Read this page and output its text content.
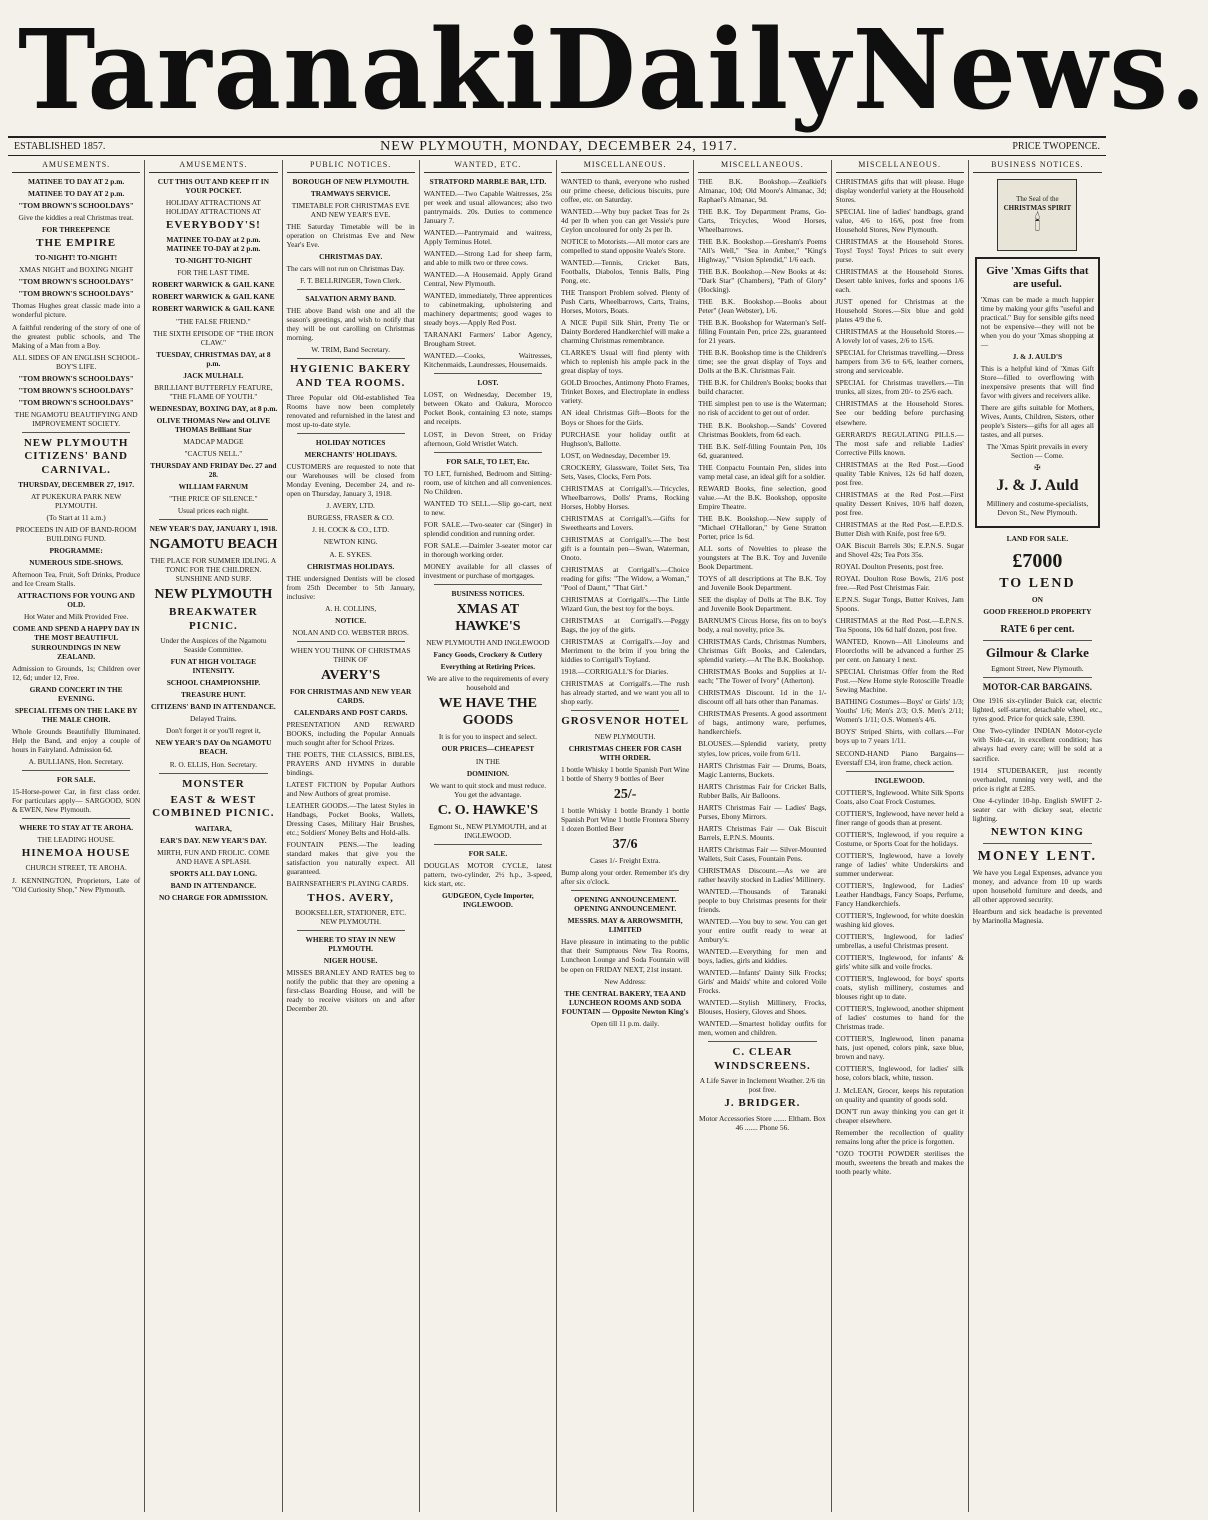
Taranaki Daily News.
ESTABLISHED 1857.	NEW PLYMOUTH, MONDAY, DECEMBER 24, 1917.	PRICE TWOPENCE.
AMUSEMENTS.

MATINEE TO DAY AT 2 p.m.

MATINEE TO DAY AT 2 p.m.

"TOM BROWN'S SCHOOLDAYS"

Give the kiddies a real Christmas treat.

FOR THREEPENCE

THE EMPIRE

TO-NIGHT! TO-NIGHT!

XMAS NIGHT and BOXING NIGHT

"TOM BROWN'S SCHOOLDAYS"

"TOM BROWN'S SCHOOLDAYS"

Thomas Hughes great classic made into a wonderful picture.

A faithful rendering of the story of one of the greatest public schools, and The Making of a Man from a Boy.

ALL SIDES OF AN ENGLISH SCHOOL-BOY'S LIFE.

"TOM BROWN'S SCHOOLDAYS"

"TOM BROWN'S SCHOOLDAYS"

"TOM BROWN'S SCHOOLDAYS"

THE NGAMOTU BEAUTIFYING AND IMPROVEMENT SOCIETY.

NEW PLYMOUTH CITIZENS' BAND CARNIVAL.

THURSDAY, DECEMBER 27, 1917.

AT PUKEKURA PARK NEW PLYMOUTH.

(To Start at 11 a.m.)

PROCEEDS IN AID OF BAND-ROOM BUILDING FUND.

PROGRAMME:

NUMEROUS SIDE-SHOWS.

Afternoon Tea, Fruit, Soft Drinks, Produce and Ice Cream Stalls.

ATTRACTIONS FOR YOUNG AND OLD.

Hot Water and Milk Provided Free.

COME AND SPEND A HAPPY DAY IN THE MOST BEAUTIFUL SURROUNDINGS IN NEW ZEALAND.

Admission to Grounds, 1s; Children over 12, 6d; under 12, Free.

GRAND CONCERT IN THE EVENING.

SPECIAL ITEMS ON THE LAKE BY THE MALE CHOIR.

Whole Grounds Beautifully Illuminated. Help the Band, and enjoy a couple of hours in Fairyland. Admission 6d.

A. BULLIANS, Hon. Secretary.

FOR SALE.

15-Horse-power Car, in first class order. For particulars apply— SARGOOD, SON & EWEN, New Plymouth.

WHERE TO STAY AT TE AROHA.

THE LEADING HOUSE.

HINEMOA HOUSE

CHURCH STREET, TE AROHA.

J. KENNINGTON, Proprietors, Late of "Old Curiosity Shop," New Plymouth.

AMUSEMENTS.

CUT THIS OUT AND KEEP IT IN YOUR POCKET.

HOLIDAY ATTRACTIONS AT HOLIDAY ATTRACTIONS AT

EVERYBODY'S!

MATINEE TO-DAY at 2 p.m. MATINEE TO-DAY at 2 p.m.

TO-NIGHT TO-NIGHT

FOR THE LAST TIME.

ROBERT WARWICK & GAIL KANE

ROBERT WARWICK & GAIL KANE

ROBERT WARWICK & GAIL KANE

"THE FALSE FRIEND."

THE SIXTH EPISODE OF "THE IRON CLAW."

TUESDAY, CHRISTMAS DAY, at 8 p.m.

JACK MULHALL

BRILLIANT BUTTERFLY FEATURE, "THE FLAME OF YOUTH."

WEDNESDAY, BOXING DAY, at 8 p.m.

OLIVE THOMAS New and OLIVE THOMAS Brilliant Star

MADCAP MADGE

"CACTUS NELL."

THURSDAY AND FRIDAY Dec. 27 and 28.

WILLIAM FARNUM

"THE PRICE OF SILENCE."

Usual prices each night.

NEW YEAR'S DAY, JANUARY 1, 1918.

NGAMOTU BEACH

THE PLACE FOR SUMMER IDLING. A TONIC FOR THE CHILDREN. SUNSHINE AND SURF.

NEW PLYMOUTH

BREAKWATER PICNIC.

Under the Auspices of the Ngamotu Seaside Committee.

FUN AT HIGH VOLTAGE INTENSITY.

SCHOOL CHAMPIONSHIP.

TREASURE HUNT.

CITIZENS' BAND IN ATTENDANCE.

Delayed Trains.

Don't forget it or you'll regret it,

NEW YEAR'S DAY On NGAMOTU BEACH.

R. O. ELLIS, Hon. Secretary.

MONSTER

EAST & WEST COMBINED PICNIC.

WAITARA,

EAR'S DAY. NEW YEAR'S DAY.

MIRTH, FUN AND FROLIC. COME AND HAVE A SPLASH.

SPORTS ALL DAY LONG.

BAND IN ATTENDANCE.

NO CHARGE FOR ADMISSION.

PUBLIC NOTICES.

BOROUGH OF NEW PLYMOUTH.

TRAMWAYS SERVICE.

TIMETABLE FOR CHRISTMAS EVE AND NEW YEAR'S EVE.

THE Saturday Timetable will be in operation on Christmas Eve and New Year's Eve.

CHRISTMAS DAY.

The cars will not run on Christmas Day.

F. T. BELLRINGER, Town Clerk.

SALVATION ARMY BAND.

THE above Band wish one and all the season's greetings, and wish to notify that they will be out carolling on Christmas morning.

W. TRIM, Band Secretary.

HYGIENIC BAKERY AND TEA ROOMS.

Three Popular old Old-established Tea Rooms have now been completely renovated and refurnished in the latest and most up-to-date style.

HOLIDAY NOTICES

MERCHANTS' HOLIDAYS.

CUSTOMERS are requested to note that our Warehouses will be closed from Monday Evening, December 24, and re-open on Thursday, January 3, 1918.

J. AVERY, LTD.

BURGESS, FRASER & CO.

J. H. COCK & CO., LTD.

NEWTON KING.

A. E. SYKES.

CHRISTMAS HOLIDAYS.

THE undersigned Dentists will be closed from 25th December to 5th January, inclusive:

A. H. COLLINS,

NOTICE.

NOLAN AND CO. WEBSTER BROS.

WHEN YOU THINK OF CHRISTMAS THINK OF

AVERY'S

FOR CHRISTMAS AND NEW YEAR CARDS.

CALENDARS AND POST CARDS.

PRESENTATION AND REWARD BOOKS, including the Popular Annuals much sought after for School Prizes.

THE POETS, THE CLASSICS, BIBLES, PRAYERS AND HYMNS in durable bindings.

LATEST FICTION by Popular Authors and New Authors of great promise.

LEATHER GOODS.—The latest Styles in Handbags, Pocket Books, Wallets, Dressing Cases, Military Hair Brushes, etc.; Soldiers' Money Belts and Hold-alls.

FOUNTAIN PENS.—The leading standard makes that give you the satisfaction you naturally expect. All guaranteed.

BAIRNSFATHER'S PLAYING CARDS.

THOS. AVERY,

BOOKSELLER, STATIONER, ETC. NEW PLYMOUTH.

WHERE TO STAY IN NEW PLYMOUTH.

NIGER HOUSE.

MISSES BRANLEY AND RATES beg to notify the public that they are opening a first-class Boarding House, and will be ready to receive visitors on and after December 20.

WANTED, ETC.

STRATFORD MARBLE BAR, LTD.

WANTED.—Two Capable Waitresses, 25s per week and usual allowances; also two pantrymaids. 20s. Duties to commence January 7.

WANTED.—Pantrymaid and waitress, Apply Terminus Hotel.

WANTED.—Strong Lad for sheep farm, and able to milk two or three cows.

WANTED.—A Housemaid. Apply Grand Central, New Plymouth.

WANTED, immediately, Three apprentices to cabinetmaking, upholstering and machinery departments; good wages to steady boys.—Apply Red Post.

TARANAKI Farmers' Labor Agency, Brougham Street.

WANTED.—Cooks, Waitresses, Kitchenmaids, Laundresses, Housemaids.

LOST.

LOST, on Wednesday, December 19, between Okato and Oakura, Morocco Pocket Book, containing £3 note, stamps and receipts.

LOST, in Devon Street, on Friday afternoon, Gold Wristlet Watch.

FOR SALE, TO LET, Etc.

TO LET, furnished, Bedroom and Sitting-room, use of kitchen and all conveniences. No Children.

WANTED TO SELL.—Slip go-cart, next to new.

FOR SALE.—Two-seater car (Singer) in splendid condition and running order.

FOR SALE.—Daimler 3-seater motor car in thorough working order.

MONEY available for all classes of investment or purchase of mortgages.

BUSINESS NOTICES.

XMAS AT HAWKE'S

NEW PLYMOUTH AND INGLEWOOD

Fancy Goods, Crockery & Cutlery

Everything at Retiring Prices.

We are alive to the requirements of every household and

WE HAVE THE GOODS

It is for you to inspect and select.

OUR PRICES—CHEAPEST

IN THE

DOMINION.

We want to quit stock and must reduce. You get the advantage.

C. O. HAWKE'S

Egmont St., NEW PLYMOUTH, and at INGLEWOOD.

FOR SALE.

DOUGLAS MOTOR CYCLE, latest pattern, two-cylinder, 2½ h.p., 3-speed, kick start, etc.

GUDGEON, Cycle Importer, INGLEWOOD.

MISCELLANEOUS.

WANTED to thank, everyone who rushed our prime cheese, delicious biscuits, pure coffee, etc. on Saturday.

WANTED.—Why buy packet Teas for 2s 4d per lb when you can get Vessie's pure Ceylon uncoloured for only 2s per lb.

NOTICE to Motorists.—All motor cars are compelled to stand opposite Veale's Store.

WANTED.—Tennis, Cricket Bats, Footballs, Diabolos, Tennis Balls, Ping Pong, etc.

THE Transport Problem solved. Plenty of Push Carts, Wheelbarrows, Carts, Trains, Horses, Motors, Boats.

A NICE Pupil Silk Shirt, Pretty Tie or Dainty Bordered Handkerchief will make a charming Christmas remembrance.

CLARKE'S Usual will find plenty with which to replenish his ample pack in the great display of toys.

GOLD Brooches, Antimony Photo Frames, Trinket Boxes, and Electroplate in endless variety.

AN ideal Christmas Gift—Boots for the Boys or Shoes for the Girls.

PURCHASE your holiday outfit at Hughson's, Ballotte.

LOST, on Wednesday, December 19.

CROCKERY, Glassware, Toilet Sets, Tea Sets, Vases, Clocks, Fern Pots.

CHRISTMAS at Corrigall's.—Tricycles, Wheelbarrows, Dolls' Prams, Rocking Horses, Hobby Horses.

CHRISTMAS at Corrigall's.—Gifts for Sweethearts and Lovers.

CHRISTMAS at Corrigall's.—The best gift is a fountain pen—Swan, Waterman, Onoto.

CHRISTMAS at Corrigall's.—Choice reading for gifts: "The Widow, a Woman," "Pool of Daunt," "That Girl."

CHRISTMAS at Corrigall's.—The Little Wizard Gun, the best toy for the boys.

CHRISTMAS at Corrigall's.—Peggy Bags, the joy of the girls.

CHRISTMAS at Corrigall's.—Joy and Merriment to the brim if you bring the kiddies to Corrigall's Toyland.

1918.—CORRIGALL'S for Diaries.

CHRISTMAS at Corrigall's.—The rush has already started, and we want you all to shop early.

GROSVENOR HOTEL

NEW PLYMOUTH.

CHRISTMAS CHEER FOR CASH WITH ORDER.

1 bottle Whisky 1 bottle Spanish Port Wine 1 bottle of Sherry 9 bottles of Beer

25/-

1 bottle Whisky 1 bottle Brandy 1 bottle Spanish Port Wine 1 bottle Frontera Sherry 1 dozen Bottled Beer

37/6

Cases 1/- Freight Extra.

Bump along your order. Remember it's dry after six o'clock.

OPENING ANNOUNCEMENT. OPENING ANNOUNCEMENT.

MESSRS. MAY & ARROWSMITH, LIMITED

Have pleasure in intimating to the public that their Sumptuous New Tea Rooms, Luncheon Lounge and Soda Fountain will be open on FRIDAY NEXT, 21st instant.

New Address:

THE CENTRAL BAKERY, TEA AND LUNCHEON ROOMS AND SODA FOUNTAIN — Opposite Newton King's

Open till 11 p.m. daily.

MISCELLANEOUS.

THE B.K. Bookshop.—Zealkiel's Almanac, 10d; Old Moore's Almanac, 3d; Raphael's Almanac, 9d.

THE B.K. Toy Department Prams, Go-Carts, Tricycles, Wood Horses, Wheelbarrows.

THE B.K. Bookshop.—Gresham's Poems "All's Well," "Sea in Amber," "King's Highway," "Vision Splendid," 1/6 each.

THE B.K. Bookshop.—New Books at 4s: "Dark Star" (Chambers), "Path of Glory" (Hocking).

THE B.K. Bookshop.—Books about Peter" (Jean Webster), 1/6.

THE B.K. Bookshop for Waterman's Self-filling Fountain Pen, price 22s, guaranteed for 21 years.

THE B.K. Bookshop time is the Children's time; see the great display of Toys and Dolls at the B.K. Christmas Fair.

THE B.K. for Children's Books; books that build character.

THE simplest pen to use is the Waterman; no risk of accident to get out of order.

THE B.K. Bookshop.—Sands' Covered Christmas Booklets, from 6d each.

THE B.K. Self-filling Fountain Pen, 10s 6d, guaranteed.

THE Conpactu Fountain Pen, slides into vamp metal case, an ideal gift for a soldier.

REWARD Books, fine selection, good value.—At the B.K. Bookshop, opposite Empire Theatre.

THE B.K. Bookshop.—New supply of "Michael O'Halloran," by Gene Stratton Porter, price 1s 6d.

ALL sorts of Novelties to please the youngsters at The B.K. Toy and Juvenile Book Department.

TOYS of all descriptions at The B.K. Toy and Juvenile Book Department.

SEE the display of Dolls at The B.K. Toy and Juvenile Book Department.

BARNUM'S Circus Horse, fits on to boy's body, a real novelty, price 3s.

CHRISTMAS Cards, Christmas Numbers, Christmas Gift Books, and Calendars, splendid variety.—At The B.K. Bookshop.

CHRISTMAS Books and Supplies at 1/- each; "The Tower of Ivory" (Atherton).

CHRISTMAS Discount. 1d in the 1/- discount off all hats other than Panamas.

CHRISTMAS Presents. A good assortment of bags, antimony ware, perfumes, handkerchiefs.

BLOUSES.—Splendid variety, pretty styles, low prices, voile from 6/11.

HARTS Christmas Fair — Drums, Boats, Magic Lanterns, Buckets.

HARTS Christmas Fair for Cricket Balls, Rubber Balls, Air Balloons.

HARTS Christmas Fair — Ladies' Bags, Purses, Ebony Mirrors.

HARTS Christmas Fair — Oak Biscuit Barrels, E.P.N.S. Mounts.

HARTS Christmas Fair — Silver-Mounted Wallets, Suit Cases, Fountain Pens.

CHRISTMAS Discount.—As we are rather heavily stocked in Ladies' Millinery.

WANTED.—Thousands of Taranaki people to buy Christmas presents for their friends.

WANTED.—You buy to sew. You can get your entire outfit ready to wear at Ambury's.

WANTED.—Everything for men and boys, ladies, girls and kiddies.

WANTED.—Infants' Dainty Silk Frocks; Girls' and Maids' white and colored Voile Frocks.

WANTED.—Stylish Millinery, Frocks, Blouses, Hosiery, Gloves and Shoes.

WANTED.—Smartest holiday outfits for men, women and children.

C. CLEAR WINDSCREENS.

A Life Saver in Inclement Weather. 2/6 tin post free.

J. BRIDGER.

Motor Accessories Store ....... Eltham. Box 46 ....... Phone 56.

MISCELLANEOUS.

CHRISTMAS gifts that will please. Huge display wonderful variety at the Household Stores.

SPECIAL line of ladies' handbags, grand value, 4/6 to 16/6, post free from Household Stores, New Plymouth.

CHRISTMAS at the Household Stores. Toys! Toys! Toys! Prices to suit every purse.

CHRISTMAS at the Household Stores. Desert table knives, forks and spoons 1/6 each.

JUST opened for Christmas at the Household Stores.—Six blue and gold plates 4/9 the 6.

CHRISTMAS at the Household Stores.—A lovely lot of vases, 2/6 to 15/6.

SPECIAL for Christmas travelling.—Dress hampers from 3/6 to 6/6, leather corners, strong and serviceable.

SPECIAL for Christmas travellers.—Tin trunks, all sizes, from 20/- to 25/6 each.

CHRISTMAS at the Household Stores. See our bedding before purchasing elsewhere.

GERRARD'S REGULATING PILLS.—The most safe and reliable Ladies' Corrective Pills known.

CHRISTMAS at the Red Post.—Good quality Table Knives, 12s 6d half dozen, post free.

CHRISTMAS at the Red Post.—First quality Dessert Knives, 10/6 half dozen, post free.

CHRISTMAS at the Red Post.—E.P.D.S. Butter Dish with Knife, post free 6/9.

OAK Biscuit Barrels 30s; E.P.N.S. Sugar and Shovel 42s; Tea Pots 35s.

ROYAL Doulton Presents, post free.

ROYAL Doulton Rose Bowls, 21/6 post free.—Red Post Christmas Fair.

E.P.N.S. Sugar Tongs, Butter Knives, Jam Spoons.

CHRISTMAS at the Red Post.—E.P.N.S. Tea Spoons, 10s 6d half dozen, post free.

WANTED, Known—All Linoleums and Floorcloths will be advanced a further 25 per cent. on January 1 next.

SPECIAL Christmas Offer from the Red Post.—New Home style Rotoscille Treadle Sewing Machine.

BATHING Costumes—Boys' or Girls' 1/3; Youths' 1/6; Men's 2/3; O.S. Men's 2/11; Women's 1/11; O.S. Women's 4/6.

BOYS' Striped Shirts, with collars.—For boys up to 7 years 1/11.

SECOND-HAND Piano Bargains—Everstaff £34, iron frame, check action.

INGLEWOOD.

COTTIER'S, Inglewood. White Silk Sports Coats, also Coat Frock Costumes.

COTTIER'S, Inglewood, have never held a finer range of goods than at present.

COTTIER'S, Inglewood, if you require a Costume, or Sports Coat for the holidays.

COTTIER'S, Inglewood, have a lovely range of ladies' white Underskirts and summer underwear.

COTTIER'S, Inglewood, for Ladies' Leather Handbags, Fancy Soaps, Perfume, Fancy Handkerchiefs.

COTTIER'S, Inglewood, for white doeskin washing kid gloves.

COTTIER'S, Inglewood, for ladies' umbrellas, a useful Christmas present.

COTTIER'S, Inglewood, for infants' & girls' white silk and voile frocks.

COTTIER'S, Inglewood, for boys' sports coats, stylish millinery, costumes and blouses right up to date.

COTTIER'S, Inglewood, another shipment of ladies' costumes to hand for the Christmas trade.

COTTIER'S, Inglewood, linen panama hats, just opened, colors pink, saxe blue, brown and navy.

COTTIER'S, Inglewood, for ladies' silk hose, colors black, white, tusson.

J. McLEAN, Grocer, keeps his reputation on quality and quantity of goods sold.

DON'T run away thinking you can get it cheaper elsewhere.

Remember the recollection of quality remains long after the price is forgotten.

"OZO TOOTH POWDER sterilises the mouth, sweetens the breath and makes the tooth pearly white.

BUSINESS NOTICES.
The Seal of the
CHRISTMAS SPIRIT
🕯

Give 'Xmas Gifts that are useful.

'Xmas can be made a much happier time by making your gifts "useful and practical." Buy for sensible gifts need not be expensive—they will not be when you do your 'Xmas shopping at—

J. & J. AULD'S

This is a helpful kind of 'Xmas Gift Store—filled to overflowing with inexpensive presents that will find favor with givers and receivers alike.

There are gifts suitable for Mothers, Wives, Aunts, Children, Sisters, other people's Sisters—gifts for all ages all tastes, and all purses.

The 'Xmas Spirit prevails in every Section — Come.

✠

J. & J. Auld

Millinery and costume-specialists, Devon St., New Plymouth.

LAND FOR SALE.

£7000

TO LEND

ON

GOOD FREEHOLD PROPERTY

RATE 6 per cent.

Gilmour & Clarke

Egmont Street, New Plymouth.

MOTOR-CAR BARGAINS.

One 1916 six-cylinder Buick car, electric lighted, self-starter, detachable wheel, etc., tyres good. Price for quick sale, £390.

One Two-cylinder INDIAN Motor-cycle with Side-car, in excellent condition; has always had every care; will be sold at a sacrifice.

1914 STUDEBAKER, just recently overhauled, running very well, and the price is right at £285.

One 4-cylinder 10-hp. English SWIFT 2-seater car with dickey seat, electric lighting.

NEWTON KING

MONEY LENT.

We have you Legal Expenses, advance you money, and advance from 10 up wards upon household furniture and deeds, and all other approved security.

Heartburn and sick headache is prevented by Marinolla Magnesia.
